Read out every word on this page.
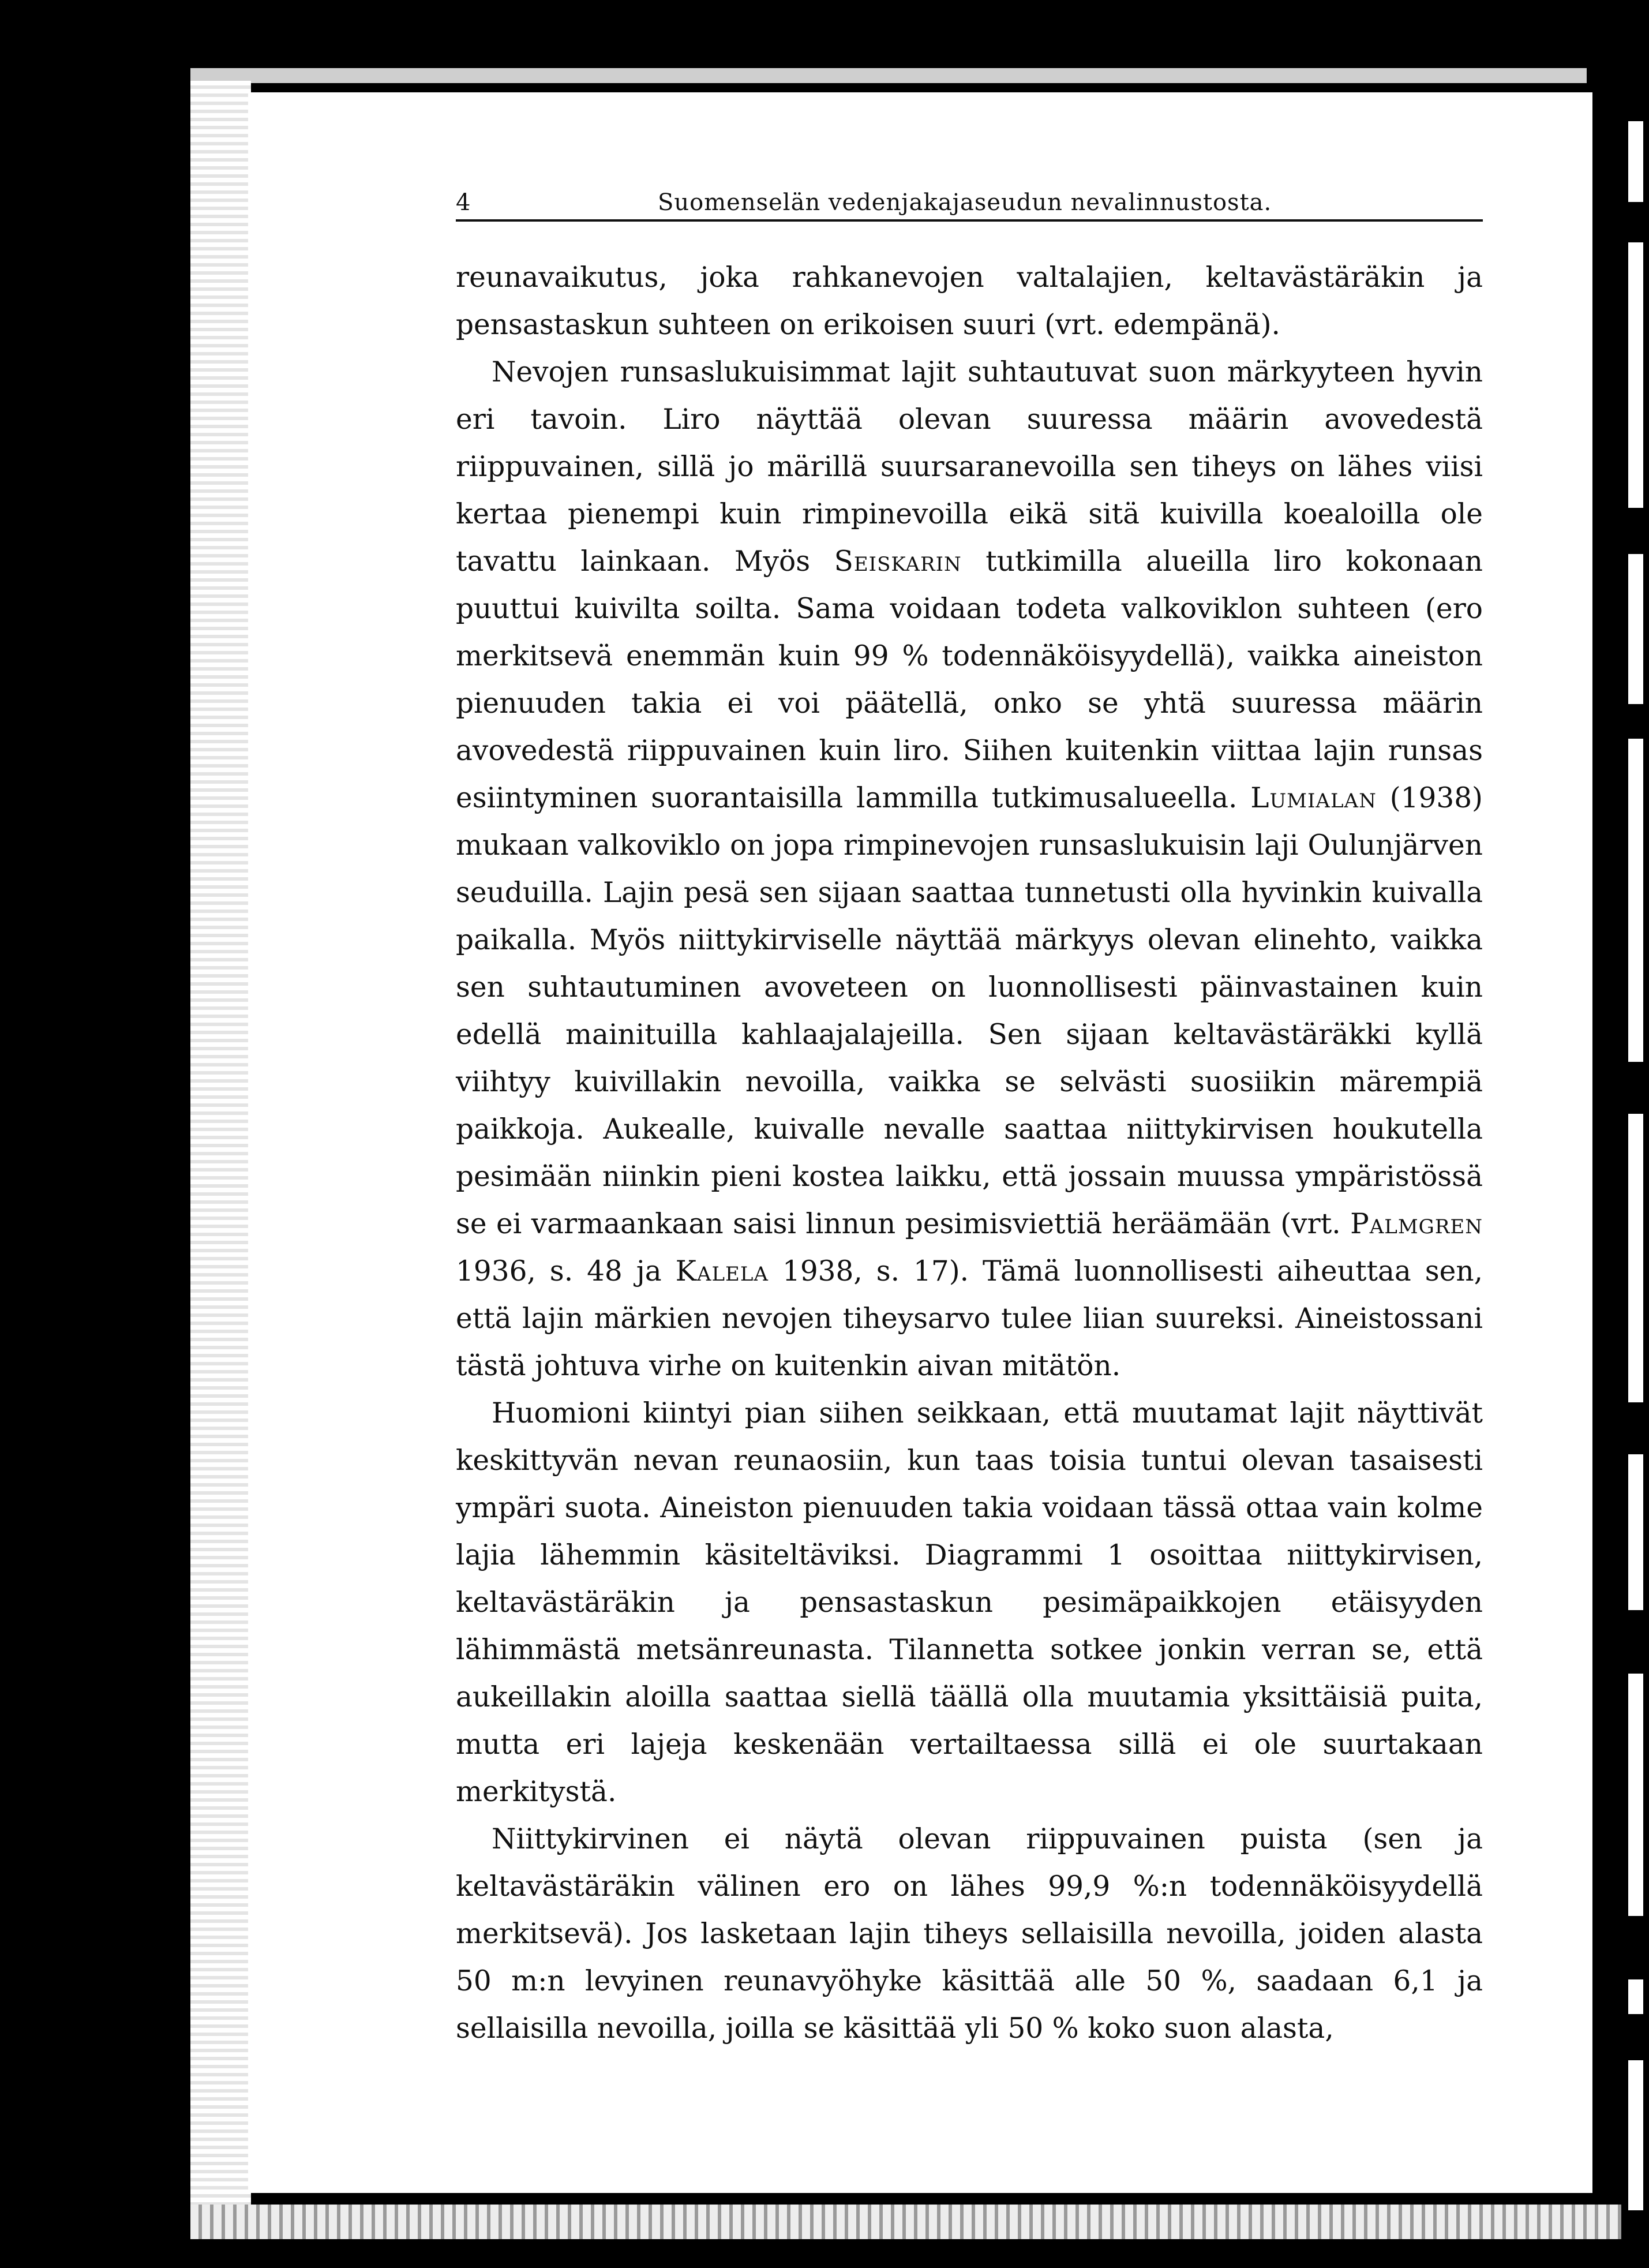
4	Suomenselän vedenjakajaseudun nevalinnustosta.

reunavaikutus, joka rahkanevojen valtalajien, keltavästäräkin ja pensastaskun suhteen on erikoisen suuri (vrt. edempänä).

Nevojen runsaslukuisimmat lajit suhtautuvat suon märkyyteen hyvin eri tavoin. Liro näyttää olevan suuressa määrin avovedestä riippuvainen, sillä jo märillä suursaranevoilla sen tiheys on lähes viisi kertaa pienempi kuin rimpinevoilla eikä sitä kuivilla koealoilla ole tavattu lainkaan. Myös Seiskarin tutkimilla alueilla liro kokonaan puuttui kuivilta soilta. Sama voidaan todeta valkoviklon suhteen (ero merkitsevä enemmän kuin 99 % todennäköisyydellä), vaikka aineiston pienuuden takia ei voi päätellä, onko se yhtä suuressa määrin avovedestä riippuvainen kuin liro. Siihen kuitenkin viittaa lajin runsas esiintyminen suorantaisilla lammilla tutkimusalueella. Lumialan (1938) mukaan valkoviklo on jopa rimpinevojen runsaslukuisin laji Oulunjärven seuduilla. Lajin pesä sen sijaan saattaa tunnetusti olla hyvinkin kuivalla paikalla. Myös niittykirviselle näyttää märkyys olevan elinehto, vaikka sen suhtautuminen avoveteen on luonnollisesti päinvastainen kuin edellä mainituilla kahlaajalajeilla. Sen sijaan keltavästäräkki kyllä viihtyy kuivillakin nevoilla, vaikka se selvästi suosiikin märempiä paikkoja. Aukealle, kuivalle nevalle saattaa niittykirvisen houkutella pesimään niinkin pieni kostea laikku, että jossain muussa ympäristössä se ei varmaankaan saisi linnun pesimisviettiä heräämään (vrt. Palmgren 1936, s. 48 ja Kalela 1938, s. 17). Tämä luonnollisesti aiheuttaa sen, että lajin märkien nevojen tiheysarvo tulee liian suureksi. Aineistossani tästä johtuva virhe on kuitenkin aivan mitätön.

Huomioni kiintyi pian siihen seikkaan, että muutamat lajit näyttivät keskittyvän nevan reunaosiin, kun taas toisia tuntui olevan tasaisesti ympäri suota. Aineiston pienuuden takia voidaan tässä ottaa vain kolme lajia lähemmin käsiteltäviksi. Diagrammi 1 osoittaa niittykirvisen, keltavästäräkin ja pensastaskun pesimäpaikkojen etäisyyden lähimmästä metsänreunasta. Tilannetta sotkee jonkin verran se, että aukeillakin aloilla saattaa siellä täällä olla muutamia yksittäisiä puita, mutta eri lajeja keskenään vertailtaessa sillä ei ole suurtakaan merkitystä.

Niittykirvinen ei näytä olevan riippuvainen puista (sen ja keltavästäräkin välinen ero on lähes 99,9 %:n todennäköisyydellä merkitsevä). Jos lasketaan lajin tiheys sellaisilla nevoilla, joiden alasta 50 m:n levyinen reunavyöhyke käsittää alle 50 %, saadaan 6,1 ja sellaisilla nevoilla, joilla se käsittää yli 50 % koko suon alasta,
